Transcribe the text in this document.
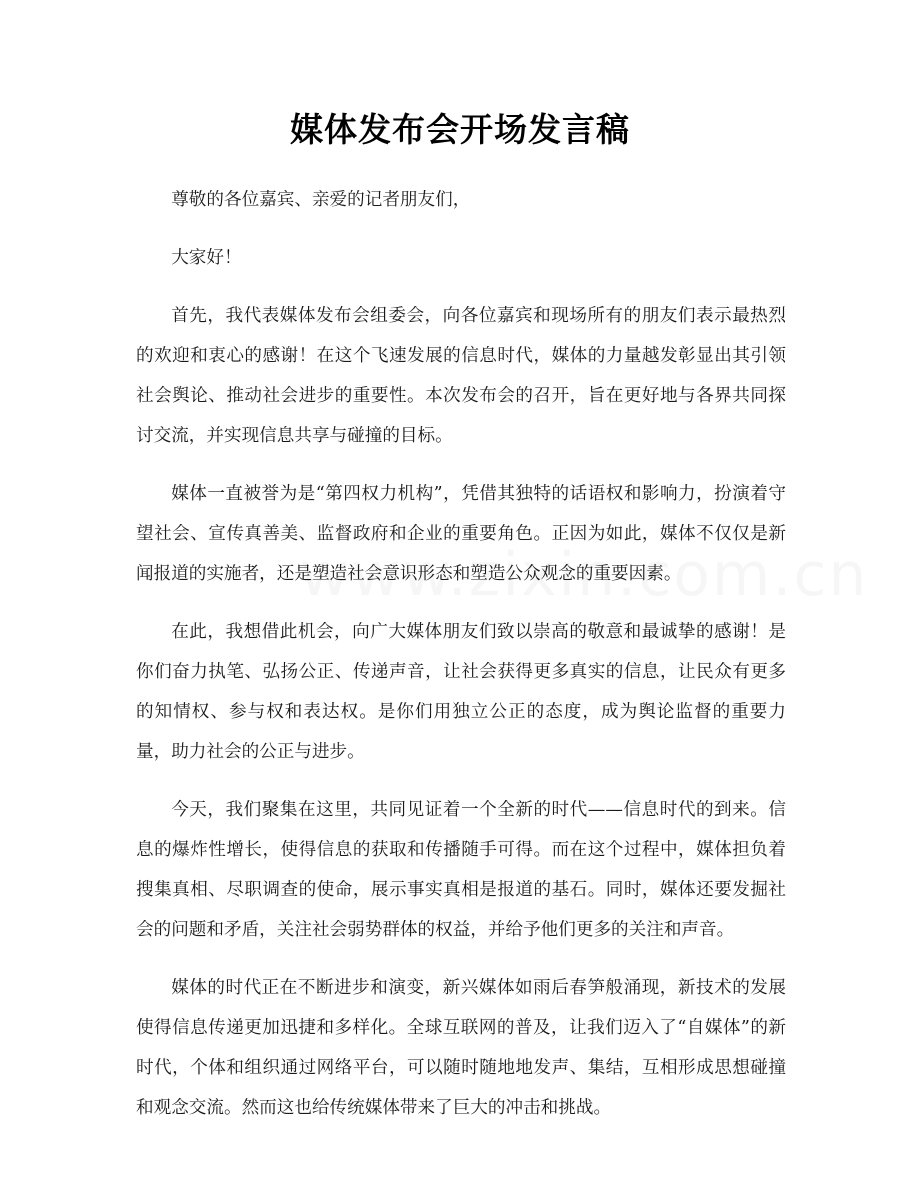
媒体发布会开场发言稿

尊敬的各位嘉宾、亲爱的记者朋友们，

大家好！

首先，我代表媒体发布会组委会，向各位嘉宾和现场所有的朋友们表示最热烈的欢迎和衷心的感谢！在这个飞速发展的信息时代，媒体的力量越发彰显出其引领社会舆论、推动社会进步的重要性。本次发布会的召开，旨在更好地与各界共同探讨交流，并实现信息共享与碰撞的目标。

媒体一直被誉为是“第四权力机构”，凭借其独特的话语权和影响力，扮演着守望社会、宣传真善美、监督政府和企业的重要角色。正因为如此，媒体不仅仅是新闻报道的实施者，还是塑造社会意识形态和塑造公众观念的重要因素。

在此，我想借此机会，向广大媒体朋友们致以崇高的敬意和最诚挚的感谢！是你们奋力执笔、弘扬公正、传递声音，让社会获得更多真实的信息，让民众有更多的知情权、参与权和表达权。是你们用独立公正的态度，成为舆论监督的重要力量，助力社会的公正与进步。

今天，我们聚集在这里，共同见证着一个全新的时代——信息时代的到来。信息的爆炸性增长，使得信息的获取和传播随手可得。而在这个过程中，媒体担负着搜集真相、尽职调查的使命，展示事实真相是报道的基石。同时，媒体还要发掘社会的问题和矛盾，关注社会弱势群体的权益，并给予他们更多的关注和声音。

媒体的时代正在不断进步和演变，新兴媒体如雨后春笋般涌现，新技术的发展使得信息传递更加迅捷和多样化。全球互联网的普及，让我们迈入了“自媒体”的新时代，个体和组织通过网络平台，可以随时随地地发声、集结，互相形成思想碰撞和观念交流。然而这也给传统媒体带来了巨大的冲击和挑战。
